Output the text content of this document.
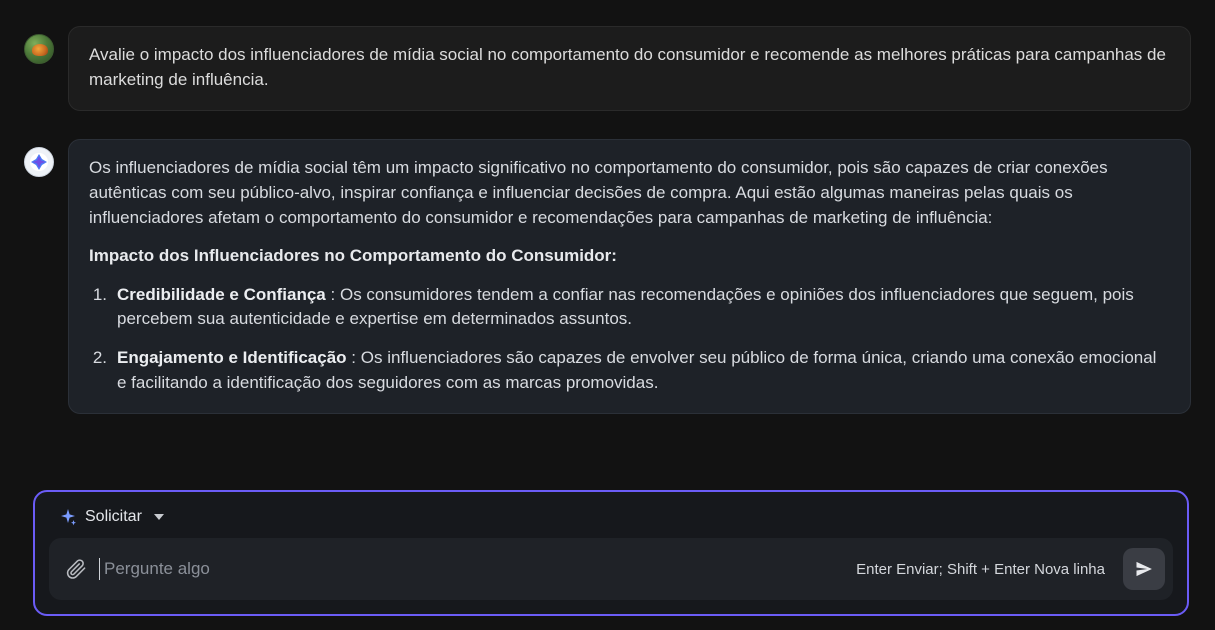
Avalie o impacto dos influenciadores de mídia social no comportamento do consumidor e recomende as melhores práticas para campanhas de marketing de influência.

Os influenciadores de mídia social têm um impacto significativo no comportamento do consumidor, pois são capazes de criar conexões autênticas com seu público-alvo, inspirar confiança e influenciar decisões de compra. Aqui estão algumas maneiras pelas quais os influenciadores afetam o comportamento do consumidor e recomendações para campanhas de marketing de influência:

Impacto dos Influenciadores no Comportamento do Consumidor:

1. Credibilidade e Confiança : Os consumidores tendem a confiar nas recomendações e opiniões dos influenciadores que seguem, pois percebem sua autenticidade e expertise em determinados assuntos.
2. Engajamento e Identificação : Os influenciadores são capazes de envolver seu público de forma única, criando uma conexão emocional e facilitando a identificação dos seguidores com as marcas promovidas.
Solicitar
Pergunte algo	Enter Enviar; Shift + Enter Nova linha
